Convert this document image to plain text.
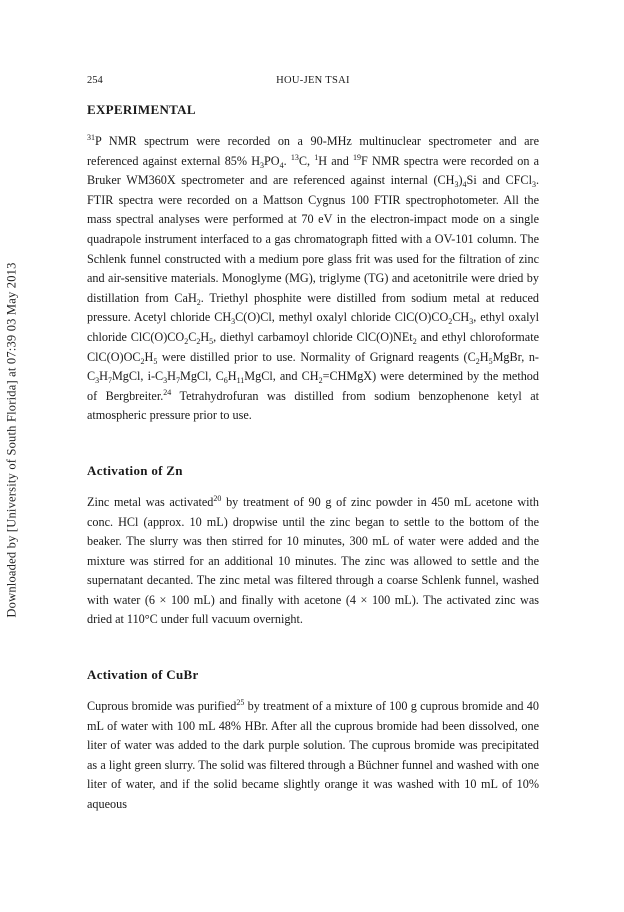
Downloaded by [University of South Florida] at 07:39 03 May 2013
254	HOU-JEN TSAI
EXPERIMENTAL

$^{31}$P NMR spectrum were recorded on a 90-MHz multinuclear spectrometer and are referenced against external 85% $H_3PO_4$. $^{13}$C, $^1$H and $^{19}$F NMR spectra were recorded on a Bruker WM360X spectrometer and are referenced against internal $(CH_3)_4Si$ and CFCl$_3$. FTIR spectra were recorded on a Mattson Cygnus 100 FTIR spectrophotometer. All the mass spectral analyses were performed at 70 eV in the electron-impact mode on a single quadrapole instrument interfaced to a gas chromatograph fitted with a OV-101 column. The Schlenk funnel constructed with a medium pore glass frit was used for the filtration of zinc and air-sensitive materials. Monoglyme (MG), triglyme (TG) and acetonitrile were dried by distillation from CaH$_2$. Triethyl phosphite were distilled from sodium metal at reduced pressure. Acetyl chloride $CH_3C(O)Cl$, methyl oxalyl chloride $ClC(O)CO_2CH_3$, ethyl oxalyl chloride $ClC(O)CO_2C_2H_5$, diethyl carbamoyl chloride ClC(O)NEt$_2$ and ethyl chloroformate $ClC(O)OC_2H_5$ were distilled prior to use. Normality of Grignard reagents ($C_2H_5MgBr$, $n-C_3H_7MgCl$, $i-C_3H_7MgCl$, $C_6H_{11}MgCl$, and $CH_2=CHMgX$) were determined by the method of Bergbreiter.$^{24}$ Tetrahydrofuran was distilled from sodium benzophenone ketyl at atmospheric pressure prior to use.

Activation of Zn

Zinc metal was activated$^{20}$ by treatment of 90 g of zinc powder in 450 mL acetone with conc. HCl (approx. 10 mL) dropwise until the zinc began to settle to the bottom of the beaker. The slurry was then stirred for 10 minutes, 300 mL of water were added and the mixture was stirred for an additional 10 minutes. The zinc was allowed to settle and the supernatant decanted. The zinc metal was filtered through a coarse Schlenk funnel, washed with water (6 × 100 mL) and finally with acetone (4 × 100 mL). The activated zinc was dried at 110°C under full vacuum overnight.

Activation of CuBr

Cuprous bromide was purified$^{25}$ by treatment of a mixture of 100 g cuprous bromide and 40 mL of water with 100 mL 48% HBr. After all the cuprous bromide had been dissolved, one liter of water was added to the dark purple solution. The cuprous bromide was precipitated as a light green slurry. The solid was filtered through a Büchner funnel and washed with one liter of water, and if the solid became slightly orange it was washed with 10 mL of 10% aqueous
